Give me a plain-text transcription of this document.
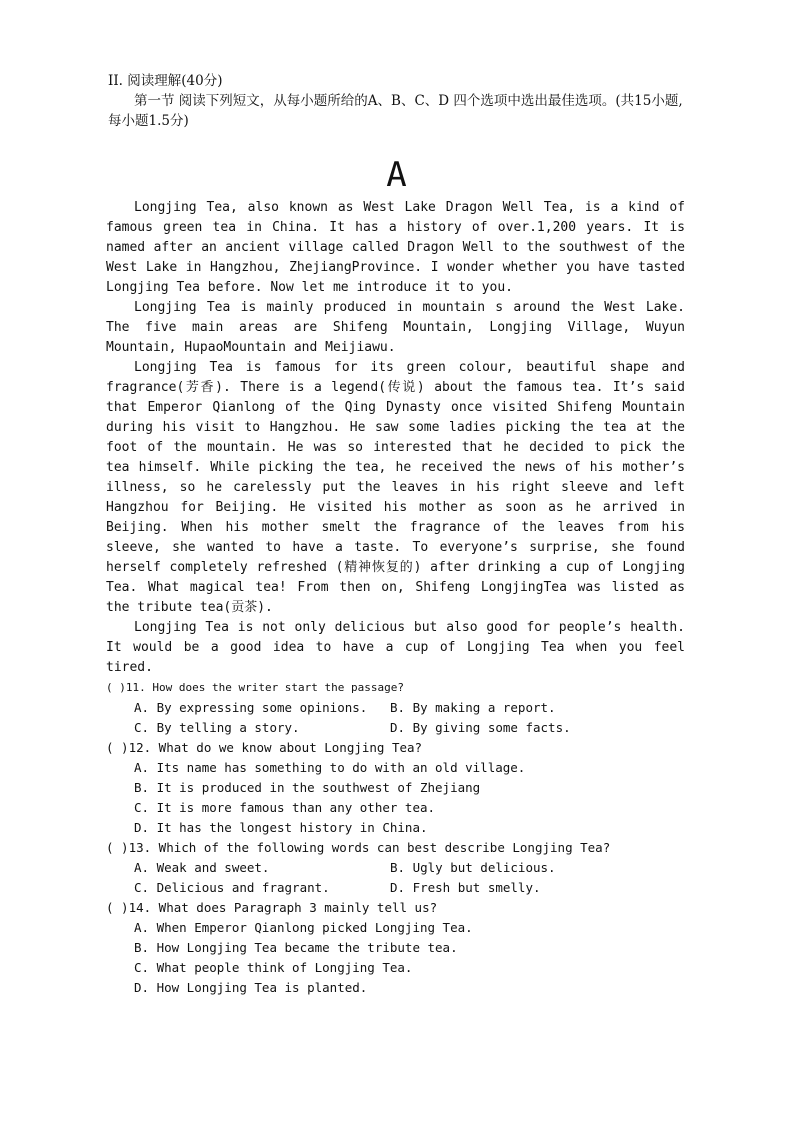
II. 阅读理解(40分)
第一节 阅读下列短文，从每小题所给的A、B、C、D 四个选项中选出最佳选项。(共15小题, 每小题1.5分)
A

Longjing Tea, also known as West Lake Dragon Well Tea, is a kind of famous green tea in China. It has a history of over.1,200 years. It is named after an ancient village called Dragon Well to the southwest of the West Lake in Hangzhou, ZhejiangProvince. I wonder whether you have tasted Longjing Tea before. Now let me introduce it to you.

Longjing Tea is mainly produced in mountain s around the West Lake. The five main areas are Shifeng Mountain, Longjing Village, Wuyun Mountain, HupaoMountain and Meijiawu.

Longjing Tea is famous for its green colour, beautiful shape and fragrance(芳香). There is a legend(传说) about the famous tea. It’s said that Emperor Qianlong of the Qing Dynasty once visited Shifeng Mountain during his visit to Hangzhou. He saw some ladies picking the tea at the foot of the mountain. He was so interested that he decided to pick the tea himself. While picking the tea, he received the news of his mother’s illness, so he carelessly put the leaves in his right sleeve and left Hangzhou for Beijing. He visited his mother as soon as he arrived in Beijing. When his mother smelt the fragrance of the leaves from his sleeve, she wanted to have a taste. To everyone’s surprise, she found herself completely refreshed (精神恢复的) after drinking a cup of Longjing Tea. What magical tea! From then on, Shifeng LongjingTea was listed as the tribute tea(贡茶).

Longjing Tea is not only delicious but also good for people’s health. It would be a good idea to have a cup of Longjing Tea when you feel tired.

( )11. How does the writer start the passage?
A. By expressing some opinions.	B. By making a report.
C. By telling a story.	D. By giving some facts.
( )12. What do we know about Longjing Tea?
A. Its name has something to do with an old village.
B. It is produced in the southwest of Zhejiang
C. It is more famous than any other tea.
D. It has the longest history in China.
( )13. Which of the following words can best describe Longjing Tea?
A. Weak and sweet.	B. Ugly but delicious.
C. Delicious and fragrant.	D. Fresh but smelly.
( )14. What does Paragraph 3 mainly tell us?
A. When Emperor Qianlong picked Longjing Tea.
B. How Longjing Tea became the tribute tea.
C. What people think of Longjing Tea.
D. How Longjing Tea is planted.
